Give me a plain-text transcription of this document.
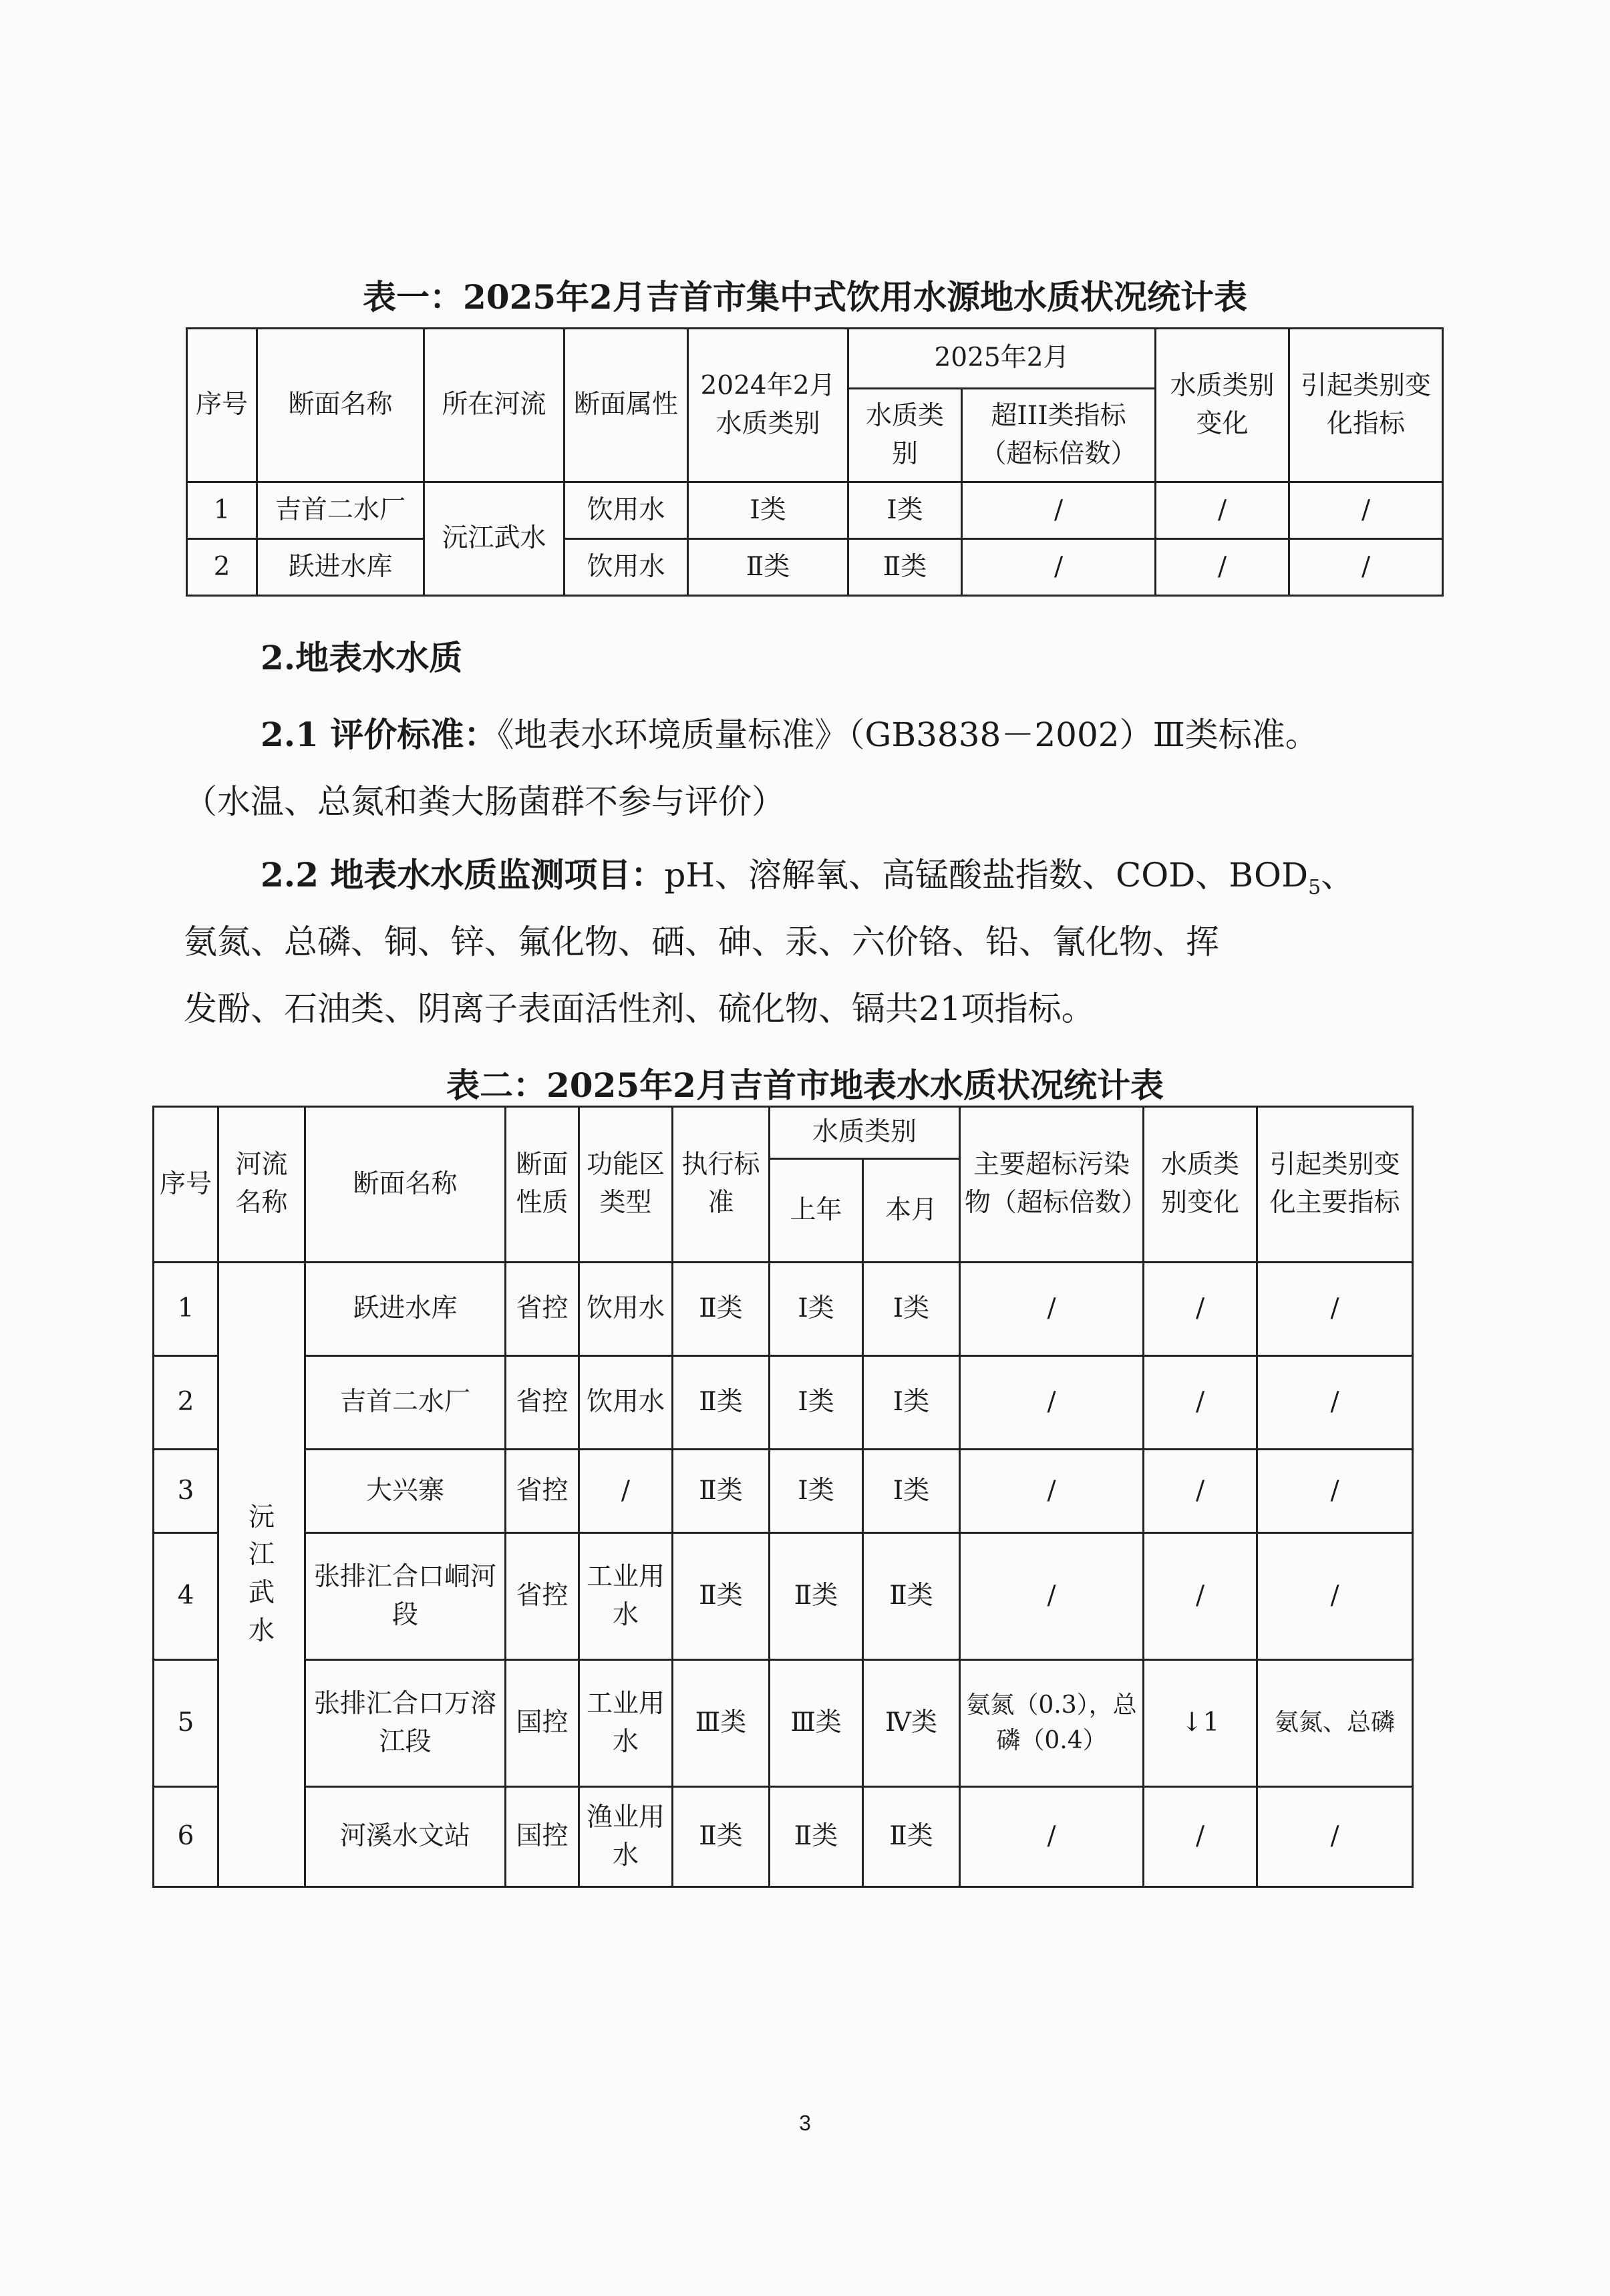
表一：2025年2月吉首市集中式饮用水源地水质状况统计表
序号	断面名称	所在河流	断面属性	2024年2月水质类别	2025年2月		水质类别变化	引起类别变化指标
					水质类别	超III类指标（超标倍数）		
1	吉首二水厂	沅江武水	饮用水	Ⅰ类	Ⅰ类	/	/	/
2	跃进水库		饮用水	Ⅱ类	Ⅱ类	/	/	/
2.地表水水质
2.1 评价标准：《地表水环境质量标准》（GB3838－2002）Ⅲ类标准。
（水温、总氮和粪大肠菌群不参与评价）
2.2 地表水水质监测项目：pH、溶解氧、高锰酸盐指数、COD、$BOD_5$、
氨氮、总磷、铜、锌、氟化物、硒、砷、汞、六价铬、铅、氰化物、挥
发酚、石油类、阴离子表面活性剂、硫化物、镉共21项指标。
表二：2025年2月吉首市地表水水质状况统计表
序号	河流名称	断面名称	断面性质	功能区类型	执行标准	水质类别		主要超标污染物（超标倍数）	水质类别变化	引起类别变化主要指标
						上年	本月			
1	沅江武水	跃进水库	省控	饮用水	Ⅱ类	Ⅰ类	Ⅰ类	/	/	/
2		吉首二水厂	省控	饮用水	Ⅱ类	Ⅰ类	Ⅰ类	/	/	/
3		大兴寨	省控	/	Ⅱ类	Ⅰ类	Ⅰ类	/	/	/
4		张排汇合口峒河段	省控	工业用水	Ⅱ类	Ⅱ类	Ⅱ类	/	/	/
5		张排汇合口万溶江段	国控	工业用水	Ⅲ类	Ⅲ类	Ⅳ类	氨氮（0.3），总磷（0.4）	↓1	氨氮、总磷
6		河溪水文站	国控	渔业用水	Ⅱ类	Ⅱ类	Ⅱ类	/	/	/
3
